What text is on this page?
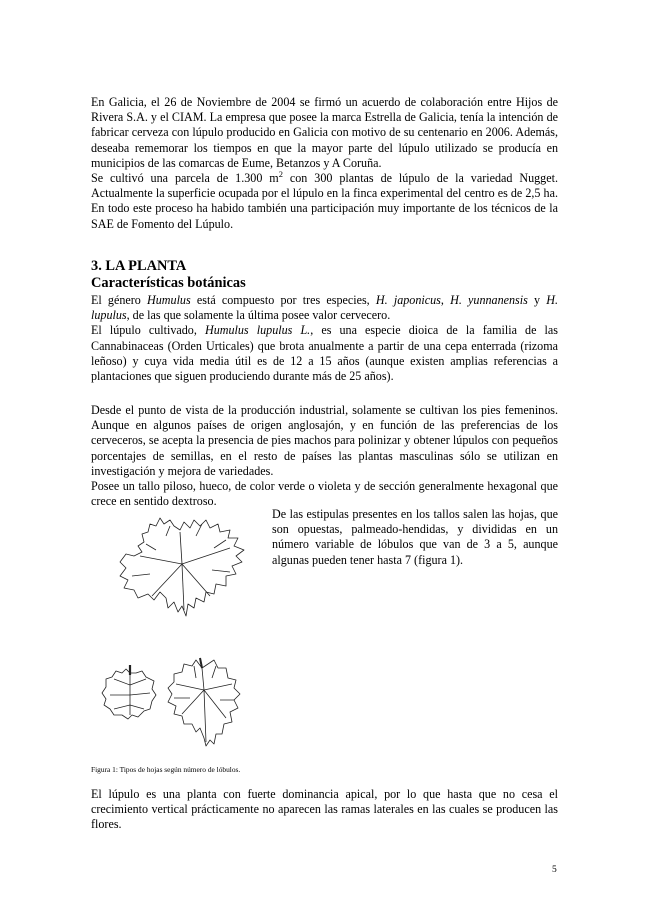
En Galicia, el 26 de Noviembre de 2004 se firmó un acuerdo de colaboración entre Hijos de Rivera S.A. y el CIAM. La empresa que posee la marca Estrella de Galicia, tenía la intención de fabricar cerveza con lúpulo producido en Galicia con motivo de su centenario en 2006. Además, deseaba rememorar los tiempos en que la mayor parte del lúpulo utilizado se producía en municipios de las comarcas de Eume, Betanzos y A Coruña.

Se cultivó una parcela de 1.300 $m^2$ con 300 plantas de lúpulo de la variedad Nugget. Actualmente la superficie ocupada por el lúpulo en la finca experimental del centro es de 2,5 ha. En todo este proceso ha habido también una participación muy importante de los técnicos de la SAE de Fomento del Lúpulo.

3. LA PLANTA
Características botánicas

El género Humulus está compuesto por tres especies, H. japonicus, H. yunnanensis y H. lupulus, de las que solamente la última posee valor cervecero.

El lúpulo cultivado, Humulus lupulus L., es una especie dioica de la familia de las Cannabinaceas (Orden Urticales) que brota anualmente a partir de una cepa enterrada (rizoma leñoso) y cuya vida media útil es de 12 a 15 años (aunque existen amplias referencias a plantaciones que siguen produciendo durante más de 25 años).

Desde el punto de vista de la producción industrial, solamente se cultivan los pies femeninos. Aunque en algunos países de origen anglosajón, y en función de las preferencias de los cerveceros, se acepta la presencia de pies machos para polinizar y obtener lúpulos con pequeños porcentajes de semillas, en el resto de países las plantas masculinas sólo se utilizan en investigación y mejora de variedades.

Posee un tallo piloso, hueco, de color verde o violeta y de sección generalmente hexagonal que crece en sentido dextroso.

De las estipulas presentes en los tallos salen las hojas, que son opuestas, palmeado-hendidas, y divididas en un número variable de lóbulos que van de 3 a 5, aunque algunas pueden tener hasta 7 (figura 1).
Figura 1: Tipos de hojas según número de lóbulos.
El lúpulo es una planta con fuerte dominancia apical, por lo que hasta que no cesa el crecimiento vertical prácticamente no aparecen las ramas laterales en las cuales se producen las flores.
5
